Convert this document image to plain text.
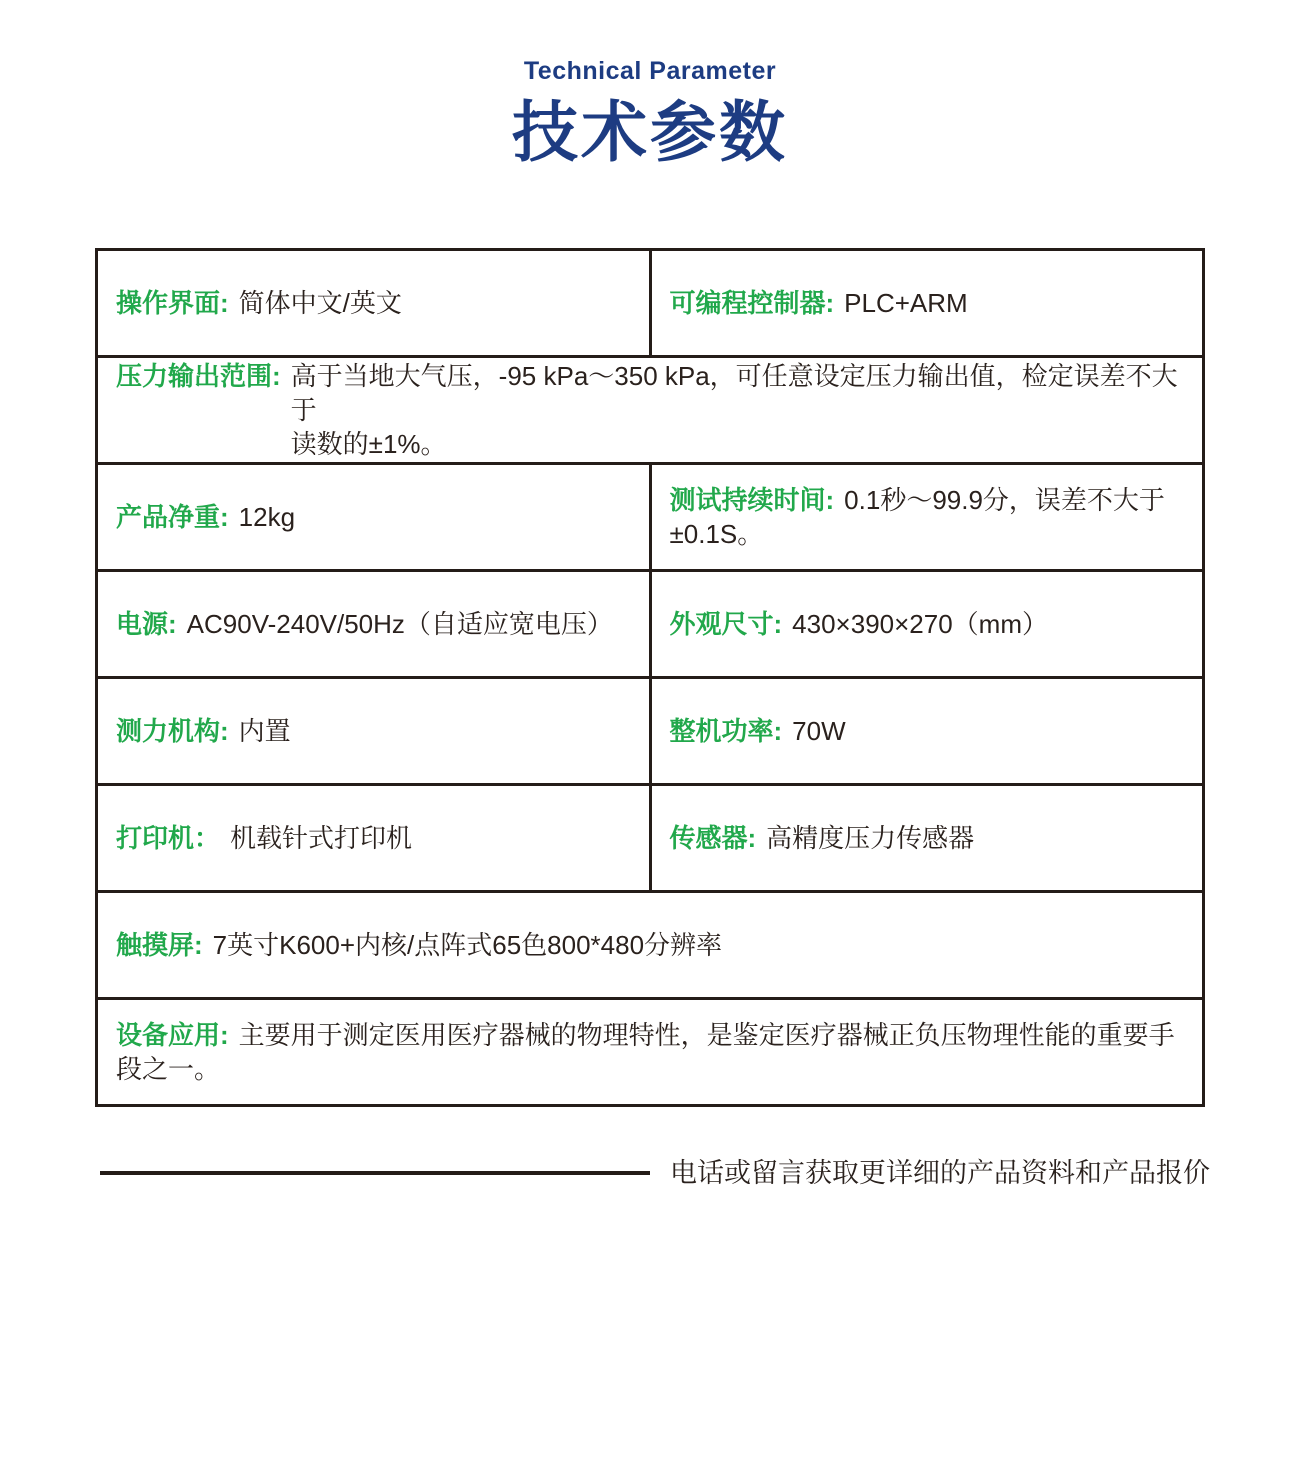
Technical Parameter
技术参数
操作界面: 简体中文/英文	可编程控制器: PLC+ARM

压力输出范围: 高于当地大气压，-95 kPa～350 kPa，可任意设定压力输出值，检定误差不大于
读数的±1%。	

产品净重: 12kg	测试持续时间: 0.1秒～99.9分，误差不大于±0.1S。
电源: AC90V-240V/50Hz（自适应宽电压）	外观尺寸: 430×390×270（mm）
测力机构: 内置	整机功率: 70W
打印机： 机载针式打印机	传感器: 高精度压力传感器
触摸屏: 7英寸K600+内核/点阵式65色800*480分辨率	
设备应用: 主要用于测定医用医疗器械的物理特性，是鉴定医疗器械正负压物理性能的重要手段之一。	
电话或留言获取更详细的产品资料和产品报价
